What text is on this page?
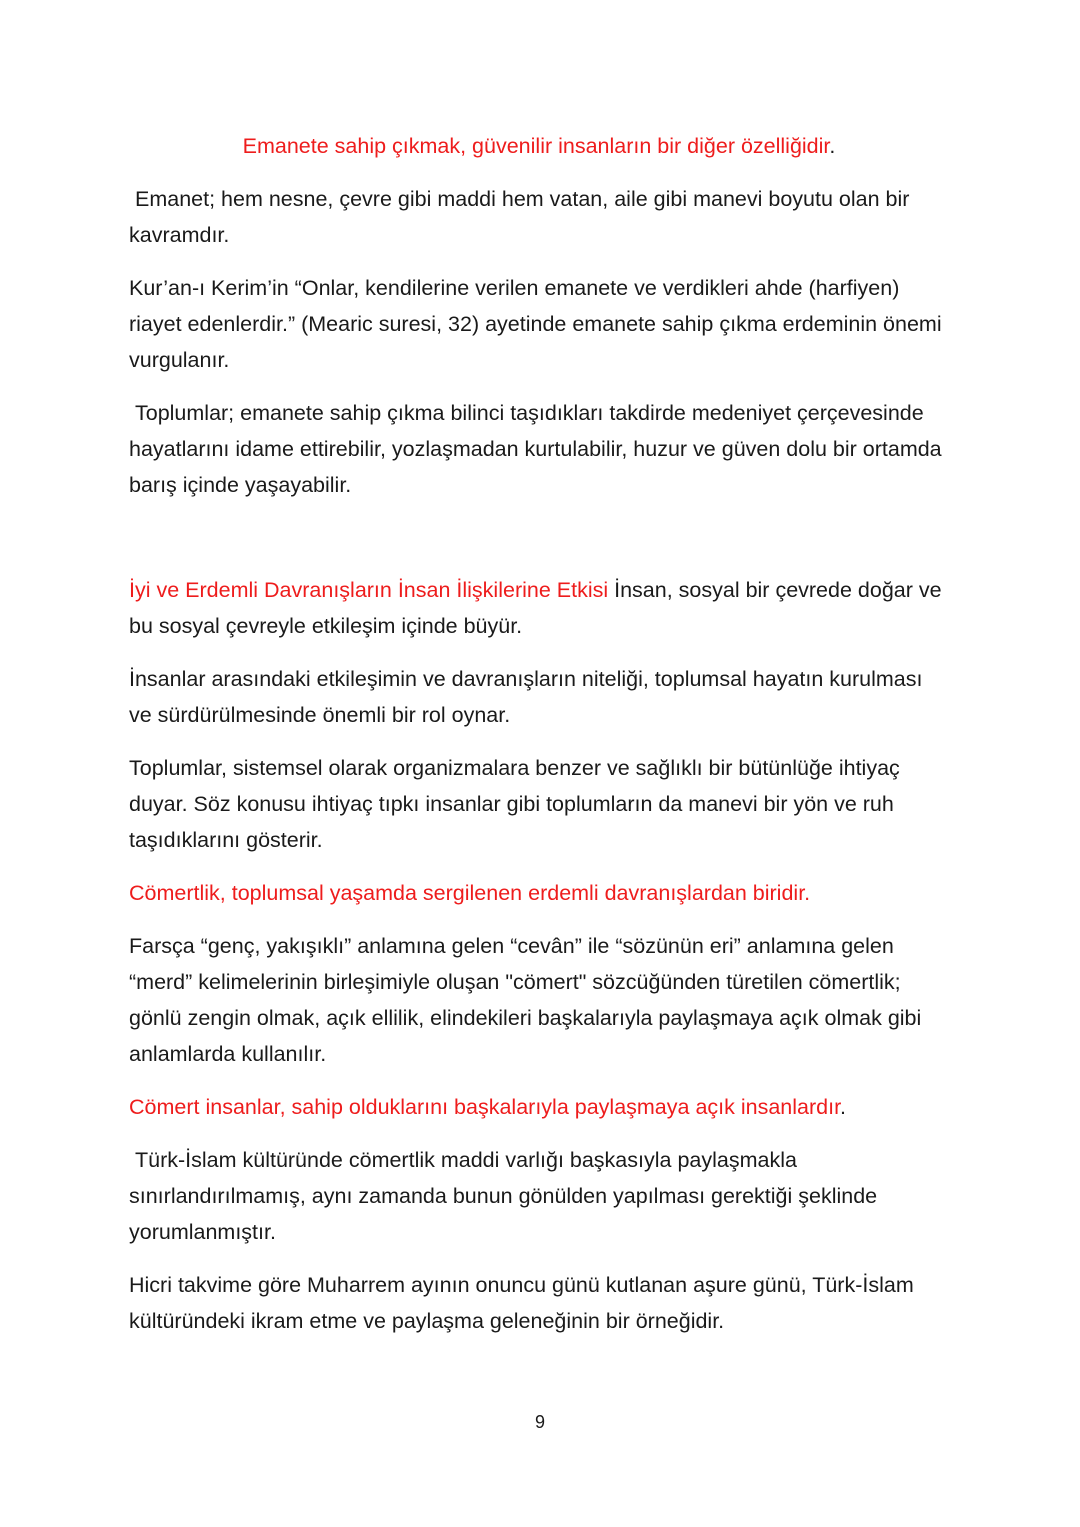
Emanete sahip çıkmak, güvenilir insanların bir diğer özelliğidir.

Emanet; hem nesne, çevre gibi maddi hem vatan, aile gibi manevi boyutu olan bir kavramdır.

Kur’an-ı Kerim’in “Onlar, kendilerine verilen emanete ve verdikleri ahde (harfiyen) riayet edenlerdir.” (Mearic suresi, 32) ayetinde emanete sahip çıkma erdeminin önemi vurgulanır.

Toplumlar; emanete sahip çıkma bilinci taşıdıkları takdirde medeniyet çerçevesinde hayatlarını idame ettirebilir, yozlaşmadan kurtulabilir, huzur ve güven dolu bir ortamda barış içinde yaşayabilir.

İyi ve Erdemli Davranışların İnsan İlişkilerine Etkisi İnsan, sosyal bir çevrede doğar ve bu sosyal çevreyle etkileşim içinde büyür.

İnsanlar arasındaki etkileşimin ve davranışların niteliği, toplumsal hayatın kurulması ve sürdürülmesinde önemli bir rol oynar.

Toplumlar, sistemsel olarak organizmalara benzer ve sağlıklı bir bütünlüğe ihtiyaç duyar. Söz konusu ihtiyaç tıpkı insanlar gibi toplumların da manevi bir yön ve ruh taşıdıklarını gösterir.

Cömertlik, toplumsal yaşamda sergilenen erdemli davranışlardan biridir.

Farsça “genç, yakışıklı” anlamına gelen “cevân” ile “sözünün eri” anlamına gelen “merd” kelimelerinin birleşimiyle oluşan "cömert" sözcüğünden türetilen cömertlik; gönlü zengin olmak, açık ellilik, elindekileri başkalarıyla paylaşmaya açık olmak gibi anlamlarda kullanılır.

Cömert insanlar, sahip olduklarını başkalarıyla paylaşmaya açık insanlardır.

Türk-İslam kültüründe cömertlik maddi varlığı başkasıyla paylaşmakla sınırlandırılmamış, aynı zamanda bunun gönülden yapılması gerektiği şeklinde yorumlanmıştır.

Hicri takvime göre Muharrem ayının onuncu günü kutlanan aşure günü, Türk-İslam kültüründeki ikram etme ve paylaşma geleneğinin bir örneğidir.

9
